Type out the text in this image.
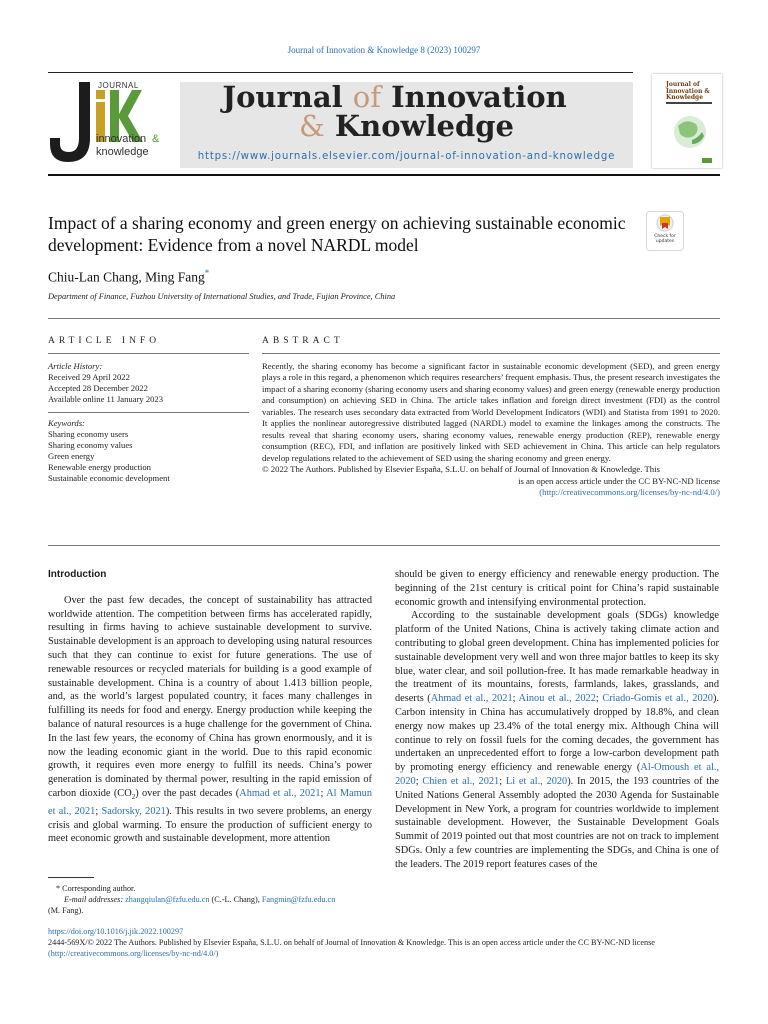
Journal of Innovation & Knowledge 8 (2023) 100297
JOURNAL
innovation &
knowledge
Journal of Innovation
& Knowledge
https://www.journals.elsevier.com/journal-of-innovation-and-knowledge
Journal of Innovation & Knowledge
Impact of a sharing economy and green energy on achieving sustainable economic development: Evidence from a novel NARDL model	Check for
updates
Chiu-Lan Chang, Ming Fang*
Department of Finance, Fuzhou University of International Studies, and Trade, Fujian Province, China
ARTICLE INFO
Article History:
Received 29 April 2022
Accepted 28 December 2022
Available online 11 January 2023
Keywords:
Sharing economy users
Sharing economy values
Green energy
Renewable energy production
Sustainable economic development
ABSTRACT
Recently, the sharing economy has become a significant factor in sustainable economic development (SED), and green energy plays a role in this regard, a phenomenon which requires researchers’ frequent emphasis. Thus, the present research investigates the impact of a sharing economy (sharing economy users and sharing economy values) and green energy (renewable energy production and consumption) on achieving SED in China. The article takes inflation and foreign direct investment (FDI) as the control variables. The research uses secondary data extracted from World Development Indicators (WDI) and Statista from 1991 to 2020. It applies the nonlinear autoregressive distributed lagged (NARDL) model to examine the linkages among the constructs. The results reveal that sharing economy users, sharing economy values, renewable energy production (REP), renewable energy consumption (REC), FDI, and inflation are positively linked with SED achievement in China. This article can help regulators develop regulations related to the achievement of SED using the sharing economy and green energy.
© 2022 The Authors. Published by Elsevier España, S.L.U. on behalf of Journal of Innovation & Knowledge. This
is an open access article under the CC BY-NC-ND license
(http://creativecommons.org/licenses/by-nc-nd/4.0/)

Introduction

Over the past few decades, the concept of sustainability has attracted worldwide attention. The competition between firms has accelerated rapidly, resulting in firms having to achieve sustainable development to survive. Sustainable development is an approach to developing using natural resources such that they can continue to exist for future generations. The use of renewable resources or recycled materials for building is a good example of sustainable development. China is a country of about 1.413 billion people, and, as the world’s largest populated country, it faces many challenges in fulfilling its needs for food and energy. Energy production while keeping the balance of natural resources is a huge challenge for the government of China. In the last few years, the economy of China has grown enormously, and it is now the leading economic giant in the world. Due to this rapid economic growth, it requires even more energy to fulfill its needs. China’s power generation is dominated by thermal power, resulting in the rapid emission of carbon dioxide $(CO_2)$ over the past decades (Ahmad et al., 2021; Al Mamun et al., 2021; Sadorsky, 2021). This results in two severe problems, an energy crisis and global warming. To ensure the production of sufficient energy to meet economic growth and sustainable development, more attention

should be given to energy efficiency and renewable energy production. The beginning of the 21st century is critical point for China’s rapid sustainable economic growth and intensifying environmental protection.

According to the sustainable development goals (SDGs) knowledge platform of the United Nations, China is actively taking climate action and contributing to global green development. China has implemented policies for sustainable development very well and won three major battles to keep its sky blue, water clear, and soil pollution-free. It has made remarkable headway in the treatment of its mountains, forests, farmlands, lakes, grasslands, and deserts (Ahmad et al., 2021; Ainou et al., 2022; Criado-Gomis et al., 2020). Carbon intensity in China has accumulatively dropped by 18.8%, and clean energy now makes up 23.4% of the total energy mix. Although China will continue to rely on fossil fuels for the coming decades, the government has undertaken an unprecedented effort to forge a low-carbon development path by promoting energy efficiency and renewable energy (Al-Omoush et al., 2020; Chien et al., 2021; Li et al., 2020). In 2015, the 193 countries of the United Nations General Assembly adopted the 2030 Agenda for Sustainable Development in New York, a program for countries worldwide to implement sustainable development. However, the Sustainable Development Goals Summit of 2019 pointed out that most countries are not on track to implement SDGs. Only a few countries are implementing the SDGs, and China is one of the leaders. The 2019 report features cases of the

* Corresponding author.
E-mail addresses: zhangqiulan@fzfu.edu.cn (C.-L. Chang), Fangmin@fzfu.edu.cn
(M. Fang).
https://doi.org/10.1016/j.jik.2022.100297
2444-569X/© 2022 The Authors. Published by Elsevier España, S.L.U. on behalf of Journal of Innovation & Knowledge. This is an open access article under the CC BY-NC-ND license
(http://creativecommons.org/licenses/by-nc-nd/4.0/)
